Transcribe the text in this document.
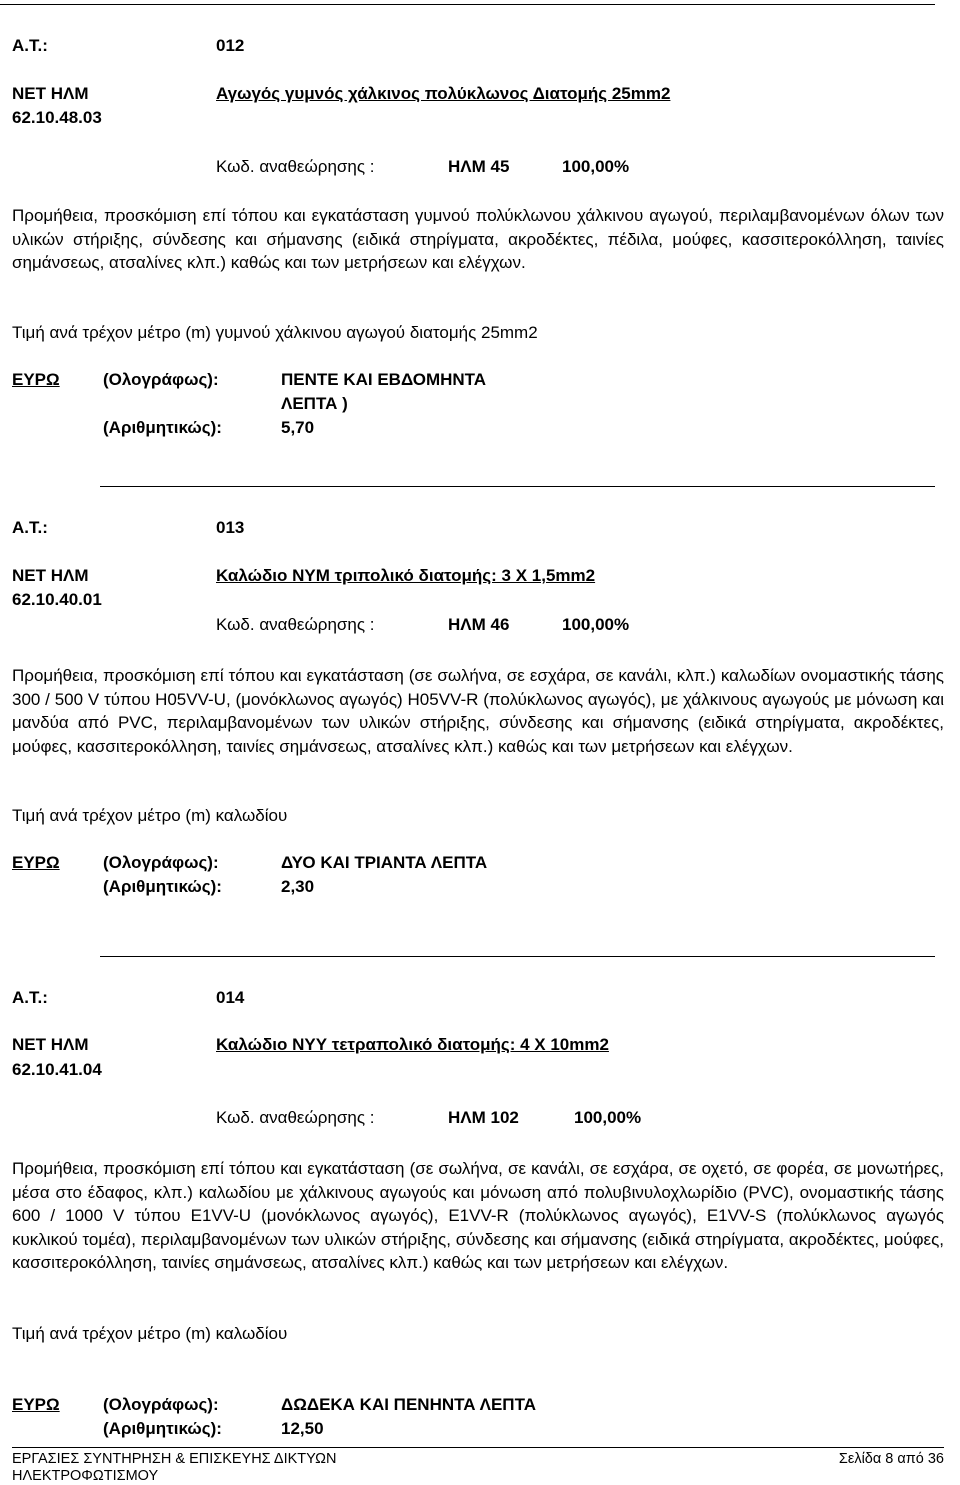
Α.Τ.:	012
ΝΕΤ ΗΛΜ
62.10.48.03
Αγωγός γυμνός χάλκινος πολύκλωνος Διατομής 25mm2
Κωδ. αναθεώρησης :	ΗΛΜ 45	100,00%
Προμήθεια, προσκόμιση επί τόπου και εγκατάσταση γυμνού πολύκλωνου χάλκινου αγωγού, περιλαμβανομένων όλων των υλικών στήριξης, σύνδεσης και σήμανσης (ειδικά στηρίγματα, ακροδέκτες, πέδιλα, μούφες, κασσιτεροκόλληση, ταινίες σημάνσεως, ατσαλίνες κλπ.) καθώς και των μετρήσεων και ελέγχων.
Τιμή ανά τρέχον μέτρο (m) γυμνού χάλκινου αγωγού διατομής 25mm2
ΕΥΡΩ	(Ολογράφως):	ΠΕΝΤΕ ΚΑΙ ΕΒΔΟΜΗΝΤΑ
ΛΕΠΤΑ )
(Αριθμητικώς):	5,70
Α.Τ.:	013
ΝΕΤ ΗΛΜ
62.10.40.01
Καλώδιο ΝΥΜ τριπολικό διατομής: 3 Χ 1,5mm2
Κωδ. αναθεώρησης :	ΗΛΜ 46	100,00%
Προμήθεια, προσκόμιση επί τόπου και εγκατάσταση (σε σωλήνα, σε εσχάρα, σε κανάλι, κλπ.) καλωδίων ονομαστικής τάσης 300 / 500 V τύπου H05VV-U, (μονόκλωνος αγωγός) H05VV-R (πολύκλωνος αγωγός), με χάλκινους αγωγούς με μόνωση και μανδύα από PVC, περιλαμβανομένων των υλικών στήριξης, σύνδεσης και σήμανσης (ειδικά στηρίγματα, ακροδέκτες, μούφες, κασσιτεροκόλληση, ταινίες σημάνσεως, ατσαλίνες κλπ.) καθώς και των μετρήσεων και ελέγχων.
Τιμή ανά τρέχον μέτρο (m) καλωδίου
ΕΥΡΩ	(Ολογράφως):	ΔΥΟ ΚΑΙ ΤΡΙΑΝΤΑ ΛΕΠΤΑ
(Αριθμητικώς):	2,30
Α.Τ.:	014
ΝΕΤ ΗΛΜ
62.10.41.04
Καλώδιο ΝΥΥ τετραπολικό διατομής: 4 Χ 10mm2
Κωδ. αναθεώρησης :	ΗΛΜ 102	100,00%
Προμήθεια, προσκόμιση επί τόπου και εγκατάσταση (σε σωλήνα, σε κανάλι, σε εσχάρα, σε οχετό, σε φορέα, σε μονωτήρες, μέσα στο έδαφος, κλπ.) καλωδίου με χάλκινους αγωγούς και μόνωση από πολυβινυλοχλωρίδιο (PVC), ονομαστικής τάσης 600 / 1000 V τύπου E1VV-U (μονόκλωνος αγωγός), E1VV-R (πολύκλωνος αγωγός), E1VV-S (πολύκλωνος αγωγός κυκλικού τομέα), περιλαμβανομένων των υλικών στήριξης, σύνδεσης και σήμανσης (ειδικά στηρίγματα, ακροδέκτες, μούφες, κασσιτεροκόλληση, ταινίες σημάνσεως, ατσαλίνες κλπ.) καθώς και των μετρήσεων και ελέγχων.
Τιμή ανά τρέχον μέτρο (m) καλωδίου
ΕΥΡΩ	(Ολογράφως):	ΔΩΔΕΚΑ ΚΑΙ ΠΕΝΗΝΤΑ ΛΕΠΤΑ
(Αριθμητικώς):	12,50
ΕΡΓΑΣΙΕΣ ΣΥΝΤΗΡΗΣΗ & ΕΠΙΣΚΕΥΗΣ ΔΙΚΤΥΩΝ
ΗΛΕΚΤΡΟΦΩΤΙΣΜΟΥ
Σελίδα 8 από 36
